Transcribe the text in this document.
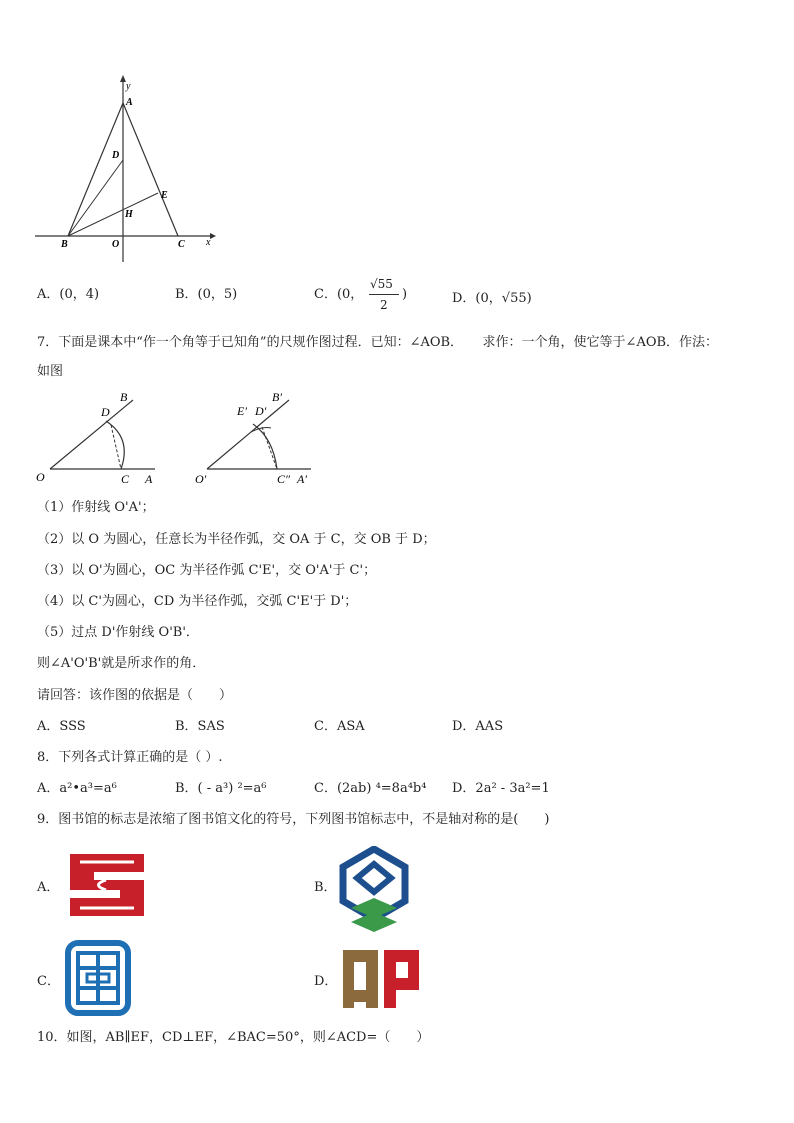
y
x
A
D
E
H
B	O	C
A．(0，4)	B．(0，5)	C．(0，
√55
2
)	D．(0，√55)
7．下面是课本中“作一个角等于已知角”的尺规作图过程．已知：∠AOB．　　求作：一个角，使它等于∠AOB．作法：
如图
B
D
O	C A
B′
E′ D′
O′	C″ A′
（1）作射线 O'A'；
（2）以 O 为圆心，任意长为半径作弧，交 OA 于 C，交 OB 于 D；
（3）以 O'为圆心，OC 为半径作弧 C'E'，交 O'A'于 C'；
（4）以 C'为圆心，CD 为半径作弧，交弧 C'E'于 D'；
（5）过点 D'作射线 O'B'．
则∠A'O'B'就是所求作的角．
请回答：该作图的依据是（　　）
A．SSS	B．SAS	C．ASA	D．AAS
8．下列各式计算正确的是（ ）.
A．a²•a³=a⁶	B．( - a³) ²=a⁶	C．(2ab) ⁴=8a⁴b⁴ D．2a² - 3a²=1
9．图书馆的标志是浓缩了图书馆文化的符号，下列图书馆标志中，不是轴对称的是(　　)
A．	B．
C．	D．
10．如图，AB∥EF，CD⊥EF，∠BAC=50°，则∠ACD=（　　）
